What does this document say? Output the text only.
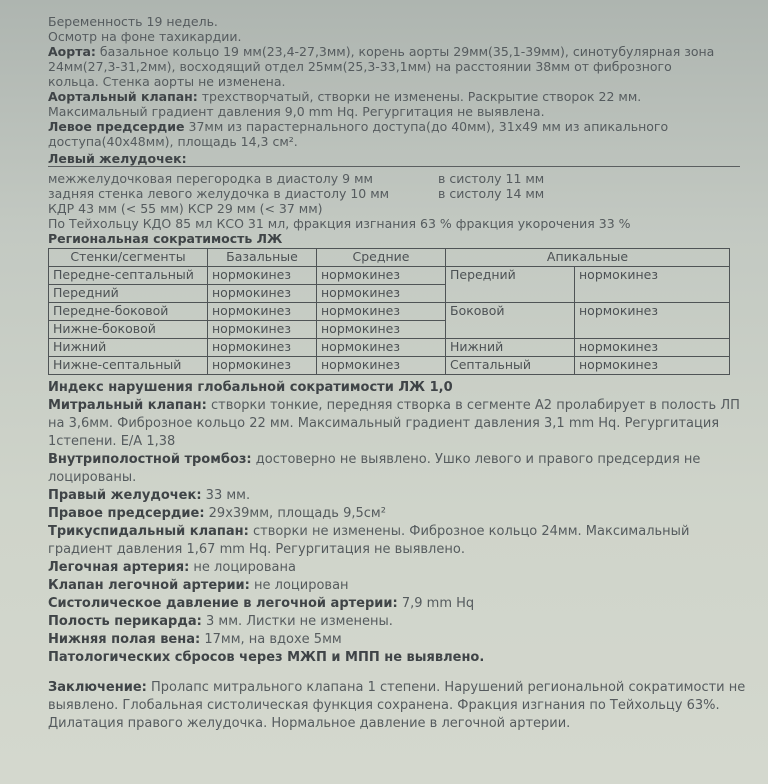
Беременность 19 недель.
Осмотр на фоне тахикардии.
Аорта: базальное кольцо 19 мм(23,4-27,3мм), корень аорты 29мм(35,1-39мм), синотубулярная зона
24мм(27,3-31,2мм), восходящий отдел 25мм(25,3-33,1мм) на расстоянии 38мм от фиброзного
кольца. Стенка аорты не изменена.
Аортальный клапан: трехстворчатый, створки не изменены. Раскрытие створок 22 мм.
Максимальный градиент давления 9,0 mm Hq. Регургитация не выявлена.
Левое предсердие 37мм из парастернального доступа(до 40мм), 31х49 мм из апикального
доступа(40х48мм), площадь 14,3 см².
Левый желудочек:
межжелудочковая перегородка в диастолу 9 мм	в систолу 11 мм
задняя стенка левого желудочка в диастолу 10 мм	в систолу 14 мм
КДР 43 мм (< 55 мм) КСР 29 мм (< 37 мм)
По Тейхольцу КДО 85 мл КСО 31 мл, фракция изгнания 63 % фракция укорочения 33 %
Региональная сократимость ЛЖ
Стенки/сегменты	Базальные	Средние	Апикальные	
Передне-септальный	нормокинез	нормокинез	Передний	нормокинез
Передний	нормокинез	нормокинез		
Передне-боковой	нормокинез	нормокинез	Боковой	нормокинез
Нижне-боковой	нормокинез	нормокинез		
Нижний	нормокинез	нормокинез	Нижний	нормокинез
Нижне-септальный	нормокинез	нормокинез	Септальный	нормокинез
Индекс нарушения глобальной сократимости ЛЖ 1,0
Митральный клапан: створки тонкие, передняя створка в сегменте А2 пролабирует в полость ЛП
на 3,6мм. Фиброзное кольцо 22 мм. Максимальный градиент давления 3,1 mm Hq. Регургитация
1степени. Е/А 1,38
Внутриполостной тромбоз: достоверно не выявлено. Ушко левого и правого предсердия не
лоцированы.
Правый желудочек: 33 мм.
Правое предсердие: 29х39мм, площадь 9,5см²
Трикуспидальный клапан: створки не изменены. Фиброзное кольцо 24мм. Максимальный
градиент давления 1,67 mm Hq. Регургитация не выявлено.
Легочная артерия: не лоцирована
Клапан легочной артерии: не лоцирован
Систолическое давление в легочной артерии: 7,9 mm Hq
Полость перикарда: 3 мм. Листки не изменены.
Нижняя полая вена: 17мм, на вдохе 5мм
Патологических сбросов через МЖП и МПП не выявлено.
Заключение: Пролапс митрального клапана 1 степени. Нарушений региональной сократимости не
выявлено. Глобальная систолическая функция сохранена. Фракция изгнания по Тейхольцу 63%.
Дилатация правого желудочка. Нормальное давление в легочной артерии.
